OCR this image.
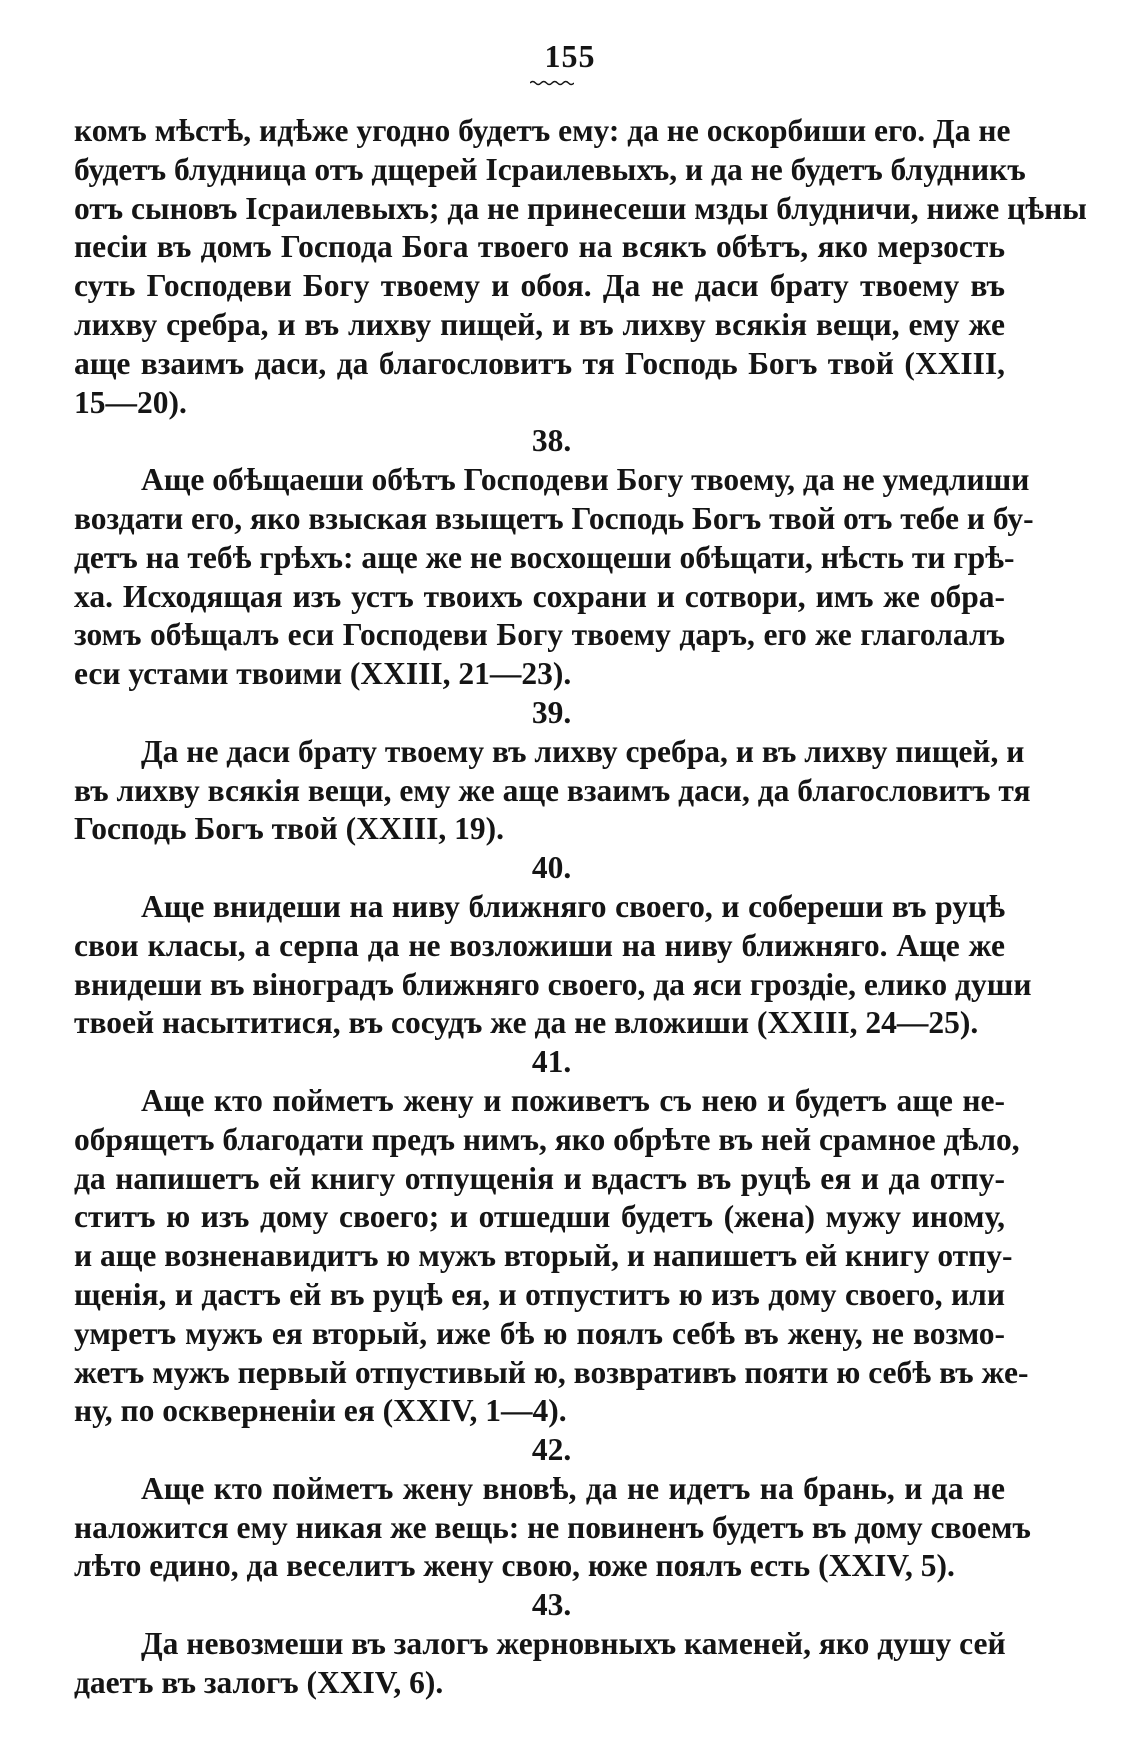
155
комъ мѣстѣ, идѣже угодно будетъ ему: да не оскорбиши его. Да не
будетъ блудница отъ дщерей Ісраилевыхъ, и да не будетъ блудникъ
отъ сыновъ Ісраилевыхъ; да не принесеши мзды блудничи, ниже цѣны
песіи въ домъ Господа Бога твоего на всякъ обѣтъ, яко мерзость
суть Господеви Богу твоему и обоя. Да не даси брату твоему въ
лихву сребра, и въ лихву пищей, и въ лихву всякія вещи, ему же
аще взаимъ даси, да благословитъ тя Господь Богъ твой (XXIII,
15—20).
38.
Аще обѣщаеши обѣтъ Господеви Богу твоему, да не умедлиши
воздати его, яко взыская взыщетъ Господь Богъ твой отъ тебе и бу-
детъ на тебѣ грѣхъ: аще же не восхощеши обѣщати, нѣсть ти грѣ-
ха. Исходящая изъ устъ твоихъ сохрани и сотвори, имъ же обра-
зомъ обѣщалъ еси Господеви Богу твоему даръ, его же глаголалъ
еси устами твоими (XXIII, 21—23).
39.
Да не даси брату твоему въ лихву сребра, и въ лихву пищей, и
въ лихву всякія вещи, ему же аще взаимъ даси, да благословитъ тя
Господь Богъ твой (XXIII, 19).
40.
Аще внидеши на ниву ближняго своего, и собереши въ руцѣ
свои класы, а серпа да не возложиши на ниву ближняго. Аще же
внидеши въ віноградъ ближняго своего, да яси гроздіе, елико души
твоей насытитися, въ сосудъ же да не вложиши (XXIII, 24—25).
41.
Аще кто пойметъ жену и поживетъ съ нею и будетъ аще не-
обрящетъ благодати предъ нимъ, яко обрѣте въ ней срамное дѣло,
да напишетъ ей книгу отпущенія и вдастъ въ руцѣ ея и да отпу-
ститъ ю изъ дому своего; и отшедши будетъ (жена) мужу иному,
и аще возненавидитъ ю мужъ вторый, и напишетъ ей книгу отпу-
щенія, и дастъ ей въ руцѣ ея, и отпуститъ ю изъ дому своего, или
умретъ мужъ ея вторый, иже бѣ ю поялъ себѣ въ жену, не возмо-
жетъ мужъ первый отпустивый ю, возвративъ пояти ю себѣ въ же-
ну, по оскверненіи ея (XXIV, 1—4).
42.
Аще кто пойметъ жену вновѣ, да не идетъ на брань, и да не
наложится ему никая же вещь: не повиненъ будетъ въ дому своемъ
лѣто едино, да веселитъ жену свою, юже поялъ есть (XXIV, 5).
43.
Да невозмеши въ залогъ жерновныхъ каменей, яко душу сей
даетъ въ залогъ (XXIV, 6).
